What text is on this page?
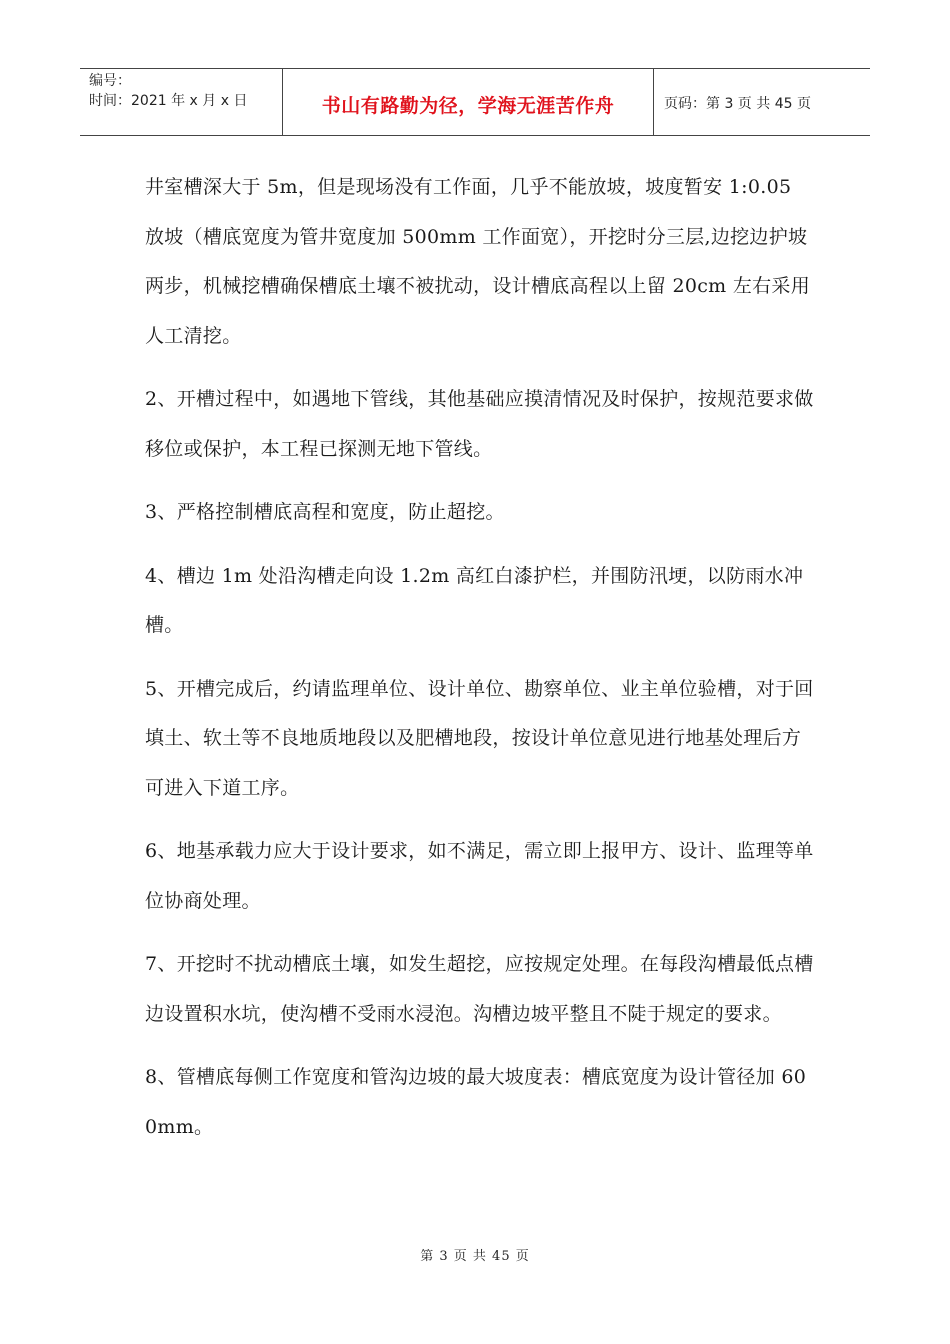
编号：
时间：2021 年 x 月 x 日	书山有路勤为径，学海无涯苦作舟	页码：第 3 页 共 45 页

井室槽深大于 5m，但是现场没有工作面，几乎不能放坡，坡度暂安 1:0.05 放坡（槽底宽度为管井宽度加 500mm 工作面宽），开挖时分三层,边挖边护坡两步，机械挖槽确保槽底土壤不被扰动，设计槽底高程以上留 20cm 左右采用人工清挖。

2、开槽过程中，如遇地下管线，其他基础应摸清情况及时保护，按规范要求做移位或保护，本工程已探测无地下管线。

3、严格控制槽底高程和宽度，防止超挖。

4、槽边 1m 处沿沟槽走向设 1.2m 高红白漆护栏，并围防汛埂，以防雨水冲槽。

5、开槽完成后，约请监理单位、设计单位、勘察单位、业主单位验槽，对于回填土、软土等不良地质地段以及肥槽地段，按设计单位意见进行地基处理后方可进入下道工序。

6、地基承载力应大于设计要求，如不满足，需立即上报甲方、设计、监理等单位协商处理。

7、开挖时不扰动槽底土壤，如发生超挖，应按规定处理。在每段沟槽最低点槽边设置积水坑，使沟槽不受雨水浸泡。沟槽边坡平整且不陡于规定的要求。

8、管槽底每侧工作宽度和管沟边坡的最大坡度表：槽底宽度为设计管径加 600mm。

第 3 页 共 45 页
